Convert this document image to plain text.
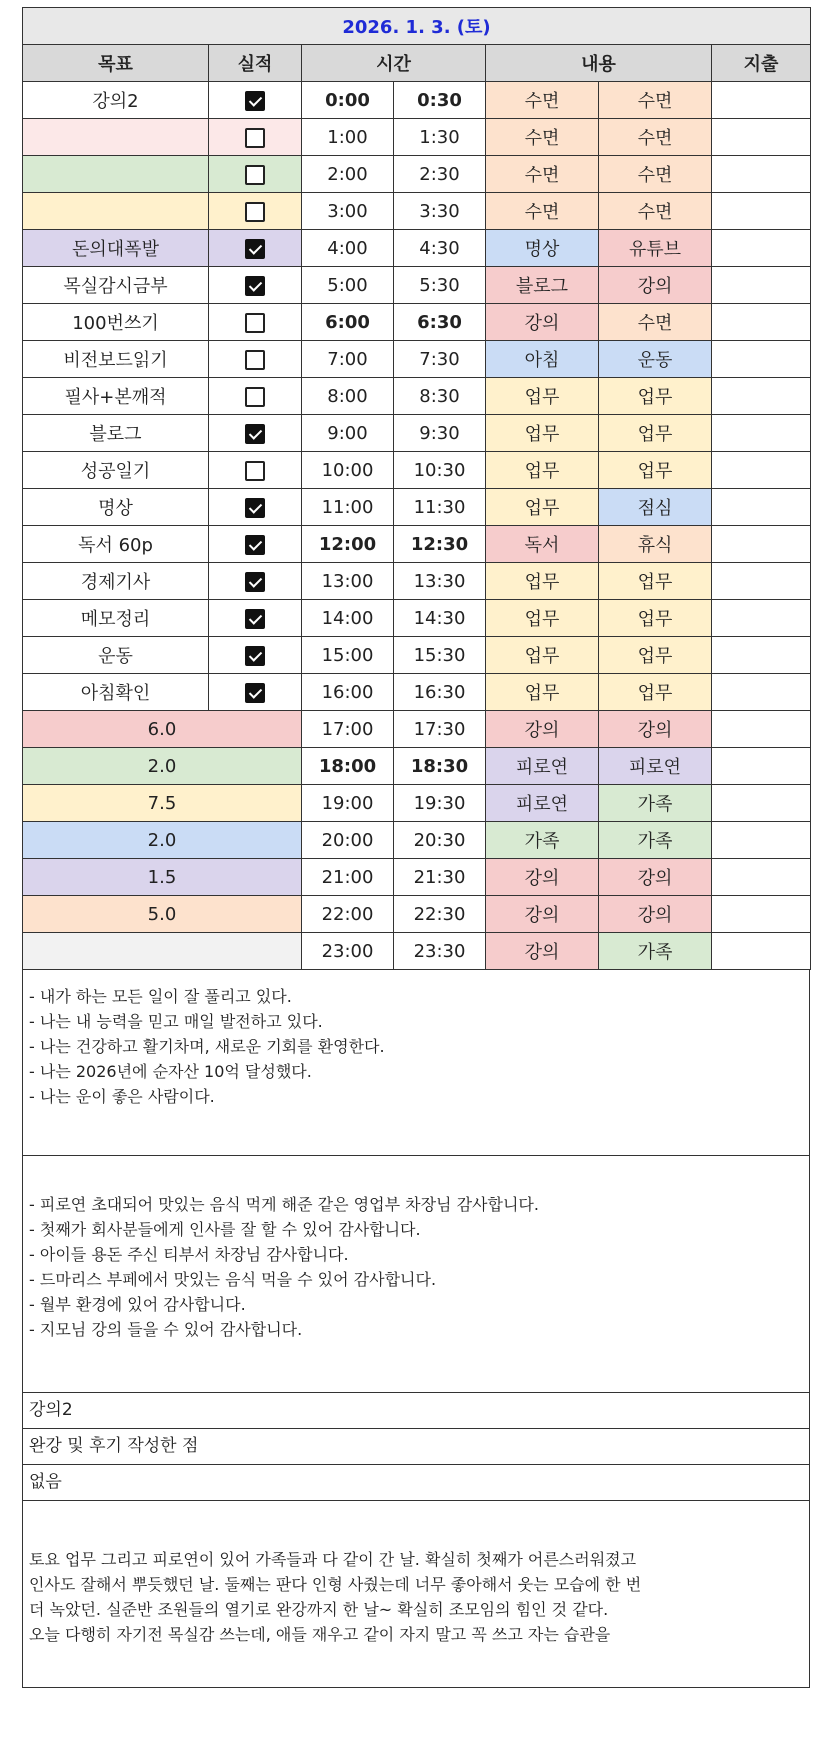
2026. 1. 3. (토)						
목표	실적	시간		내용		지출
강의2		0:00	0:30	수면	수면	
		1:00	1:30	수면	수면	
		2:00	2:30	수면	수면	
		3:00	3:30	수면	수면	
돈의대폭발		4:00	4:30	명상	유튜브	
목실감시금부		5:00	5:30	블로그	강의	
100번쓰기		6:00	6:30	강의	수면	
비전보드읽기		7:00	7:30	아침	운동	
필사+본깨적		8:00	8:30	업무	업무	
블로그		9:00	9:30	업무	업무	
성공일기		10:00	10:30	업무	업무	
명상		11:00	11:30	업무	점심	
독서 60p		12:00	12:30	독서	휴식	
경제기사		13:00	13:30	업무	업무	
메모정리		14:00	14:30	업무	업무	
운동		15:00	15:30	업무	업무	
아침확인		16:00	16:30	업무	업무	
6.0		17:00	17:30	강의	강의	
2.0		18:00	18:30	피로연	피로연	
7.5		19:00	19:30	피로연	가족	
2.0		20:00	20:30	가족	가족	
1.5		21:00	21:30	강의	강의	
5.0		22:00	22:30	강의	강의	
		23:00	23:30	강의	가족	
- 내가 하는 모든 일이 잘 풀리고 있다.
- 나는 내 능력을 믿고 매일 발전하고 있다.
- 나는 건강하고 활기차며, 새로운 기회를 환영한다.
- 나는 2026년에 순자산 10억 달성했다.
- 나는 운이 좋은 사람이다.
- 피로연 초대되어 맛있는 음식 먹게 해준 같은 영업부 차장님 감사합니다.
- 첫째가 회사분들에게 인사를 잘 할 수 있어 감사합니다.
- 아이들 용돈 주신 티부서 차장님 감사합니다.
- 드마리스 부페에서 맛있는 음식 먹을 수 있어 감사합니다.
- 월부 환경에 있어 감사합니다.
- 지모님 강의 들을 수 있어 감사합니다.
강의2
완강 및 후기 작성한 점
없음
토요 업무 그리고 피로연이 있어 가족들과 다 같이 간 날. 확실히 첫째가 어른스러워졌고
인사도 잘해서 뿌듯했던 날. 둘째는 판다 인형 사줬는데 너무 좋아해서 웃는 모습에 한 번
더 녹았던. 실준반 조원들의 열기로 완강까지 한 날~ 확실히 조모임의 힘인 것 같다.
오늘 다행히 자기전 목실감 쓰는데, 애들 재우고 같이 자지 말고 꼭 쓰고 자는 습관을
